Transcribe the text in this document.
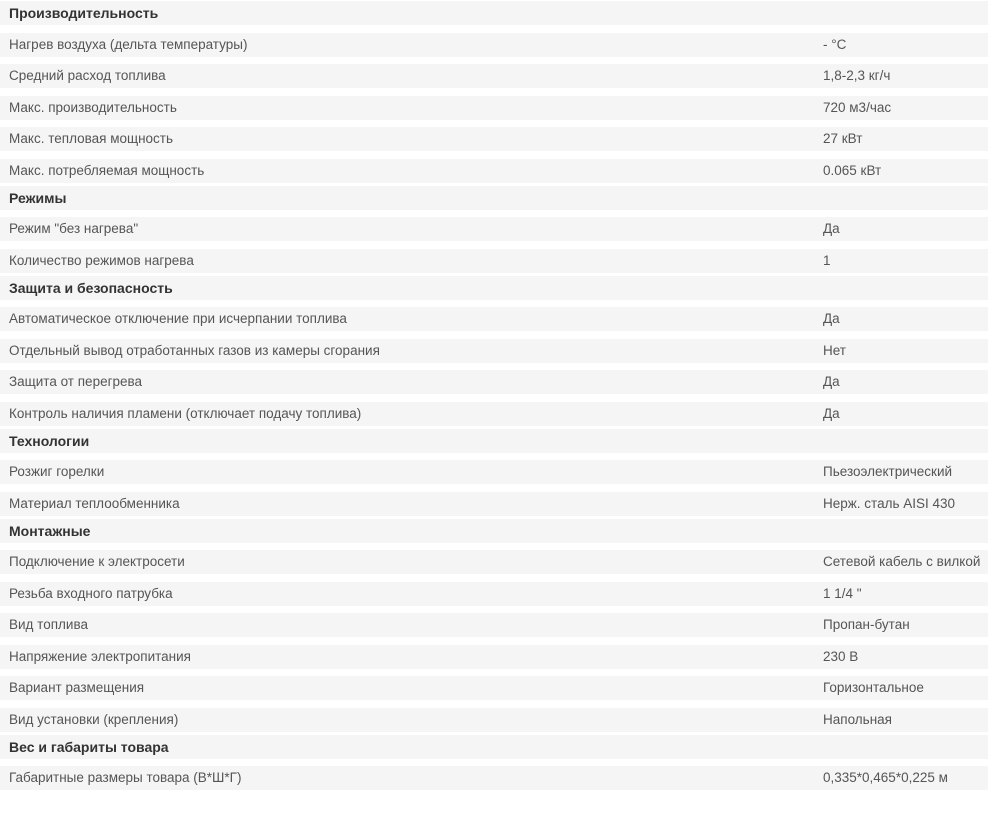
Производительность
Нагрев воздуха (дельта температуры)	- °C
Средний расход топлива	1,8-2,3 кг/ч
Макс. производительность	720 м3/час
Макс. тепловая мощность	27 кВт
Макс. потребляемая мощность	0.065 кВт
Режимы
Режим "без нагрева"	Да
Количество режимов нагрева	1
Защита и безопасность
Автоматическое отключение при исчерпании топлива	Да
Отдельный вывод отработанных газов из камеры сгорания	Нет
Защита от перегрева	Да
Контроль наличия пламени (отключает подачу топлива)	Да
Технологии
Розжиг горелки	Пьезоэлектрический
Материал теплообменника	Нерж. сталь AISI 430
Монтажные
Подключение к электросети	Сетевой кабель с вилкой
Резьба входного патрубка	1 1/4 "
Вид топлива	Пропан-бутан
Напряжение электропитания	230 В
Вариант размещения	Горизонтальное
Вид установки (крепления)	Напольная
Вес и габариты товара
Габаритные размеры товара (В*Ш*Г)	0,335*0,465*0,225 м
